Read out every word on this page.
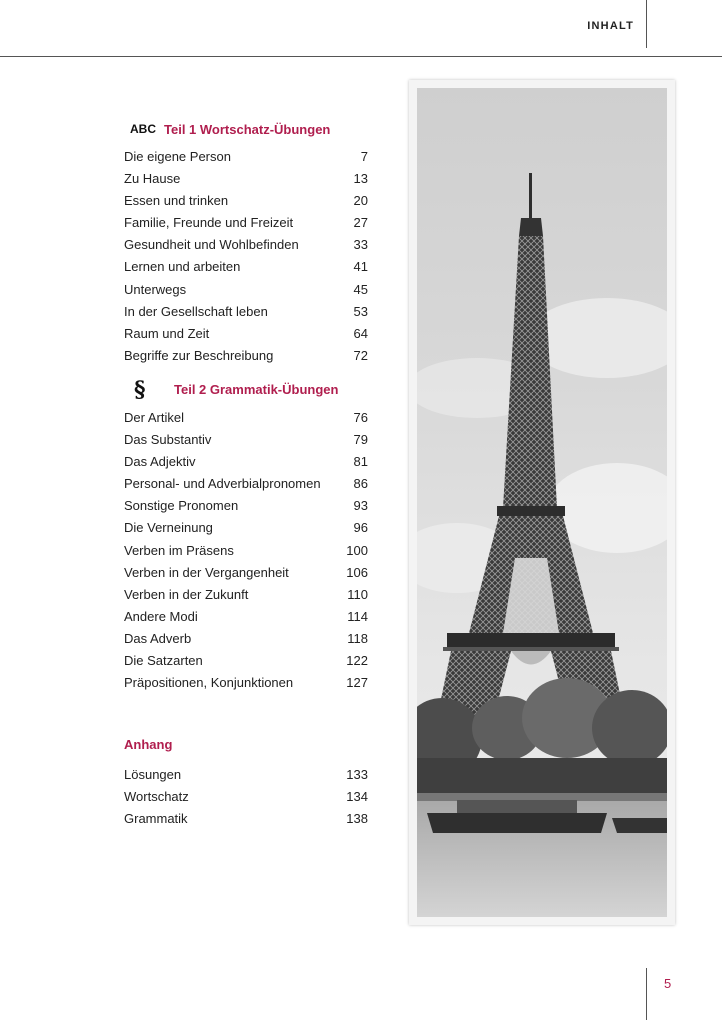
INHALT
ABC Teil 1 Wortschatz-Übungen
Die eigene Person	7
Zu Hause	13
Essen und trinken	20
Familie, Freunde und Freizeit	27
Gesundheit und Wohlbefinden	33
Lernen und arbeiten	41
Unterwegs	45
In der Gesellschaft leben	53
Raum und Zeit	64
Begriffe zur Beschreibung	72
§	Teil 2 Grammatik-Übungen
Der Artikel	76
Das Substantiv	79
Das Adjektiv	81
Personal- und Adverbialpronomen	86
Sonstige Pronomen	93
Die Verneinung	96
Verben im Präsens	100
Verben in der Vergangenheit	106
Verben in der Zukunft	110
Andere Modi	114
Das Adverb	118
Die Satzarten	122
Präpositionen, Konjunktionen	127
Anhang
Lösungen	133
Wortschatz	134
Grammatik	138
5
